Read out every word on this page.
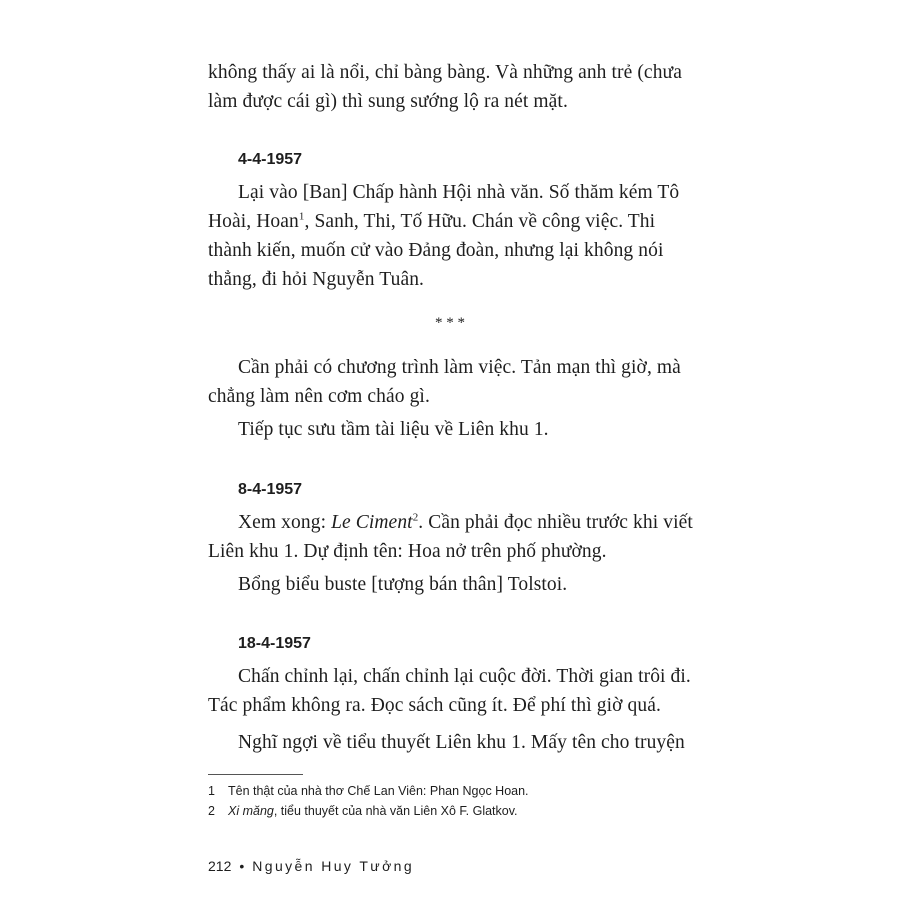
không thấy ai là nổi, chỉ bàng bàng. Và những anh trẻ (chưa làm được cái gì) thì sung sướng lộ ra nét mặt.

4-4-1957

Lại vào [Ban] Chấp hành Hội nhà văn. Số thăm kém Tô Hoài, Hoan$^1$, Sanh, Thi, Tố Hữu. Chán về công việc. Thi thành kiến, muốn cử vào Đảng đoàn, nhưng lại không nói thẳng, đi hỏi Nguyễn Tuân.

* * *

Cần phải có chương trình làm việc. Tản mạn thì giờ, mà chẳng làm nên cơm cháo gì.

Tiếp tục sưu tầm tài liệu về Liên khu 1.

8-4-1957

Xem xong: Le Ciment$^2$. Cần phải đọc nhiều trước khi viết Liên khu 1. Dự định tên: Hoa nở trên phố phường.

Bổng biểu buste [tượng bán thân] Tolstoi.

18-4-1957

Chấn chỉnh lại, chấn chỉnh lại cuộc đời. Thời gian trôi đi. Tác phẩm không ra. Đọc sách cũng ít. Để phí thì giờ quá.

Nghĩ ngợi về tiểu thuyết Liên khu 1. Mấy tên cho truyện

1 Tên thật của nhà thơ Chế Lan Viên: Phan Ngọc Hoan.
2 Xi măng, tiểu thuyết của nhà văn Liên Xô F. Glatkov.
212 • Nguyễn Huy Tưởng
